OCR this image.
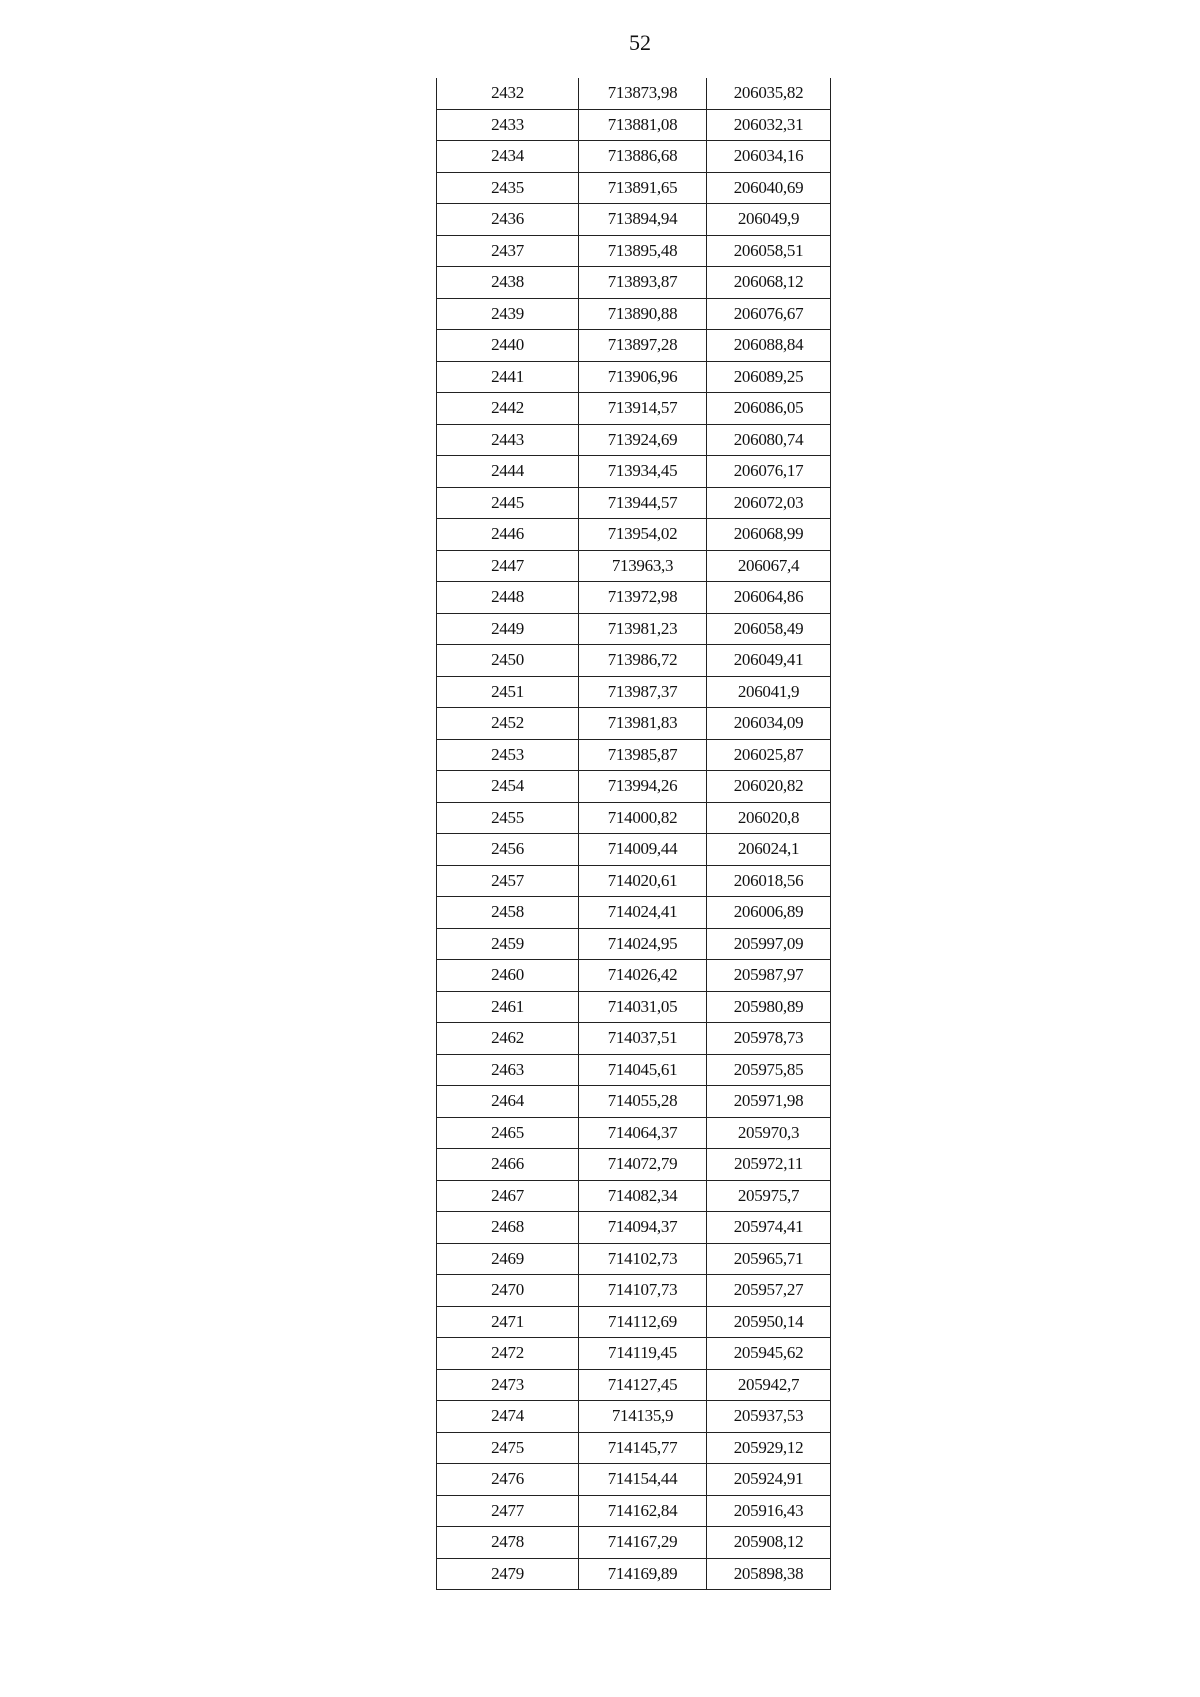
52
2432	713873,98	206035,82
2433	713881,08	206032,31
2434	713886,68	206034,16
2435	713891,65	206040,69
2436	713894,94	206049,9
2437	713895,48	206058,51
2438	713893,87	206068,12
2439	713890,88	206076,67
2440	713897,28	206088,84
2441	713906,96	206089,25
2442	713914,57	206086,05
2443	713924,69	206080,74
2444	713934,45	206076,17
2445	713944,57	206072,03
2446	713954,02	206068,99
2447	713963,3	206067,4
2448	713972,98	206064,86
2449	713981,23	206058,49
2450	713986,72	206049,41
2451	713987,37	206041,9
2452	713981,83	206034,09
2453	713985,87	206025,87
2454	713994,26	206020,82
2455	714000,82	206020,8
2456	714009,44	206024,1
2457	714020,61	206018,56
2458	714024,41	206006,89
2459	714024,95	205997,09
2460	714026,42	205987,97
2461	714031,05	205980,89
2462	714037,51	205978,73
2463	714045,61	205975,85
2464	714055,28	205971,98
2465	714064,37	205970,3
2466	714072,79	205972,11
2467	714082,34	205975,7
2468	714094,37	205974,41
2469	714102,73	205965,71
2470	714107,73	205957,27
2471	714112,69	205950,14
2472	714119,45	205945,62
2473	714127,45	205942,7
2474	714135,9	205937,53
2475	714145,77	205929,12
2476	714154,44	205924,91
2477	714162,84	205916,43
2478	714167,29	205908,12
2479	714169,89	205898,38
